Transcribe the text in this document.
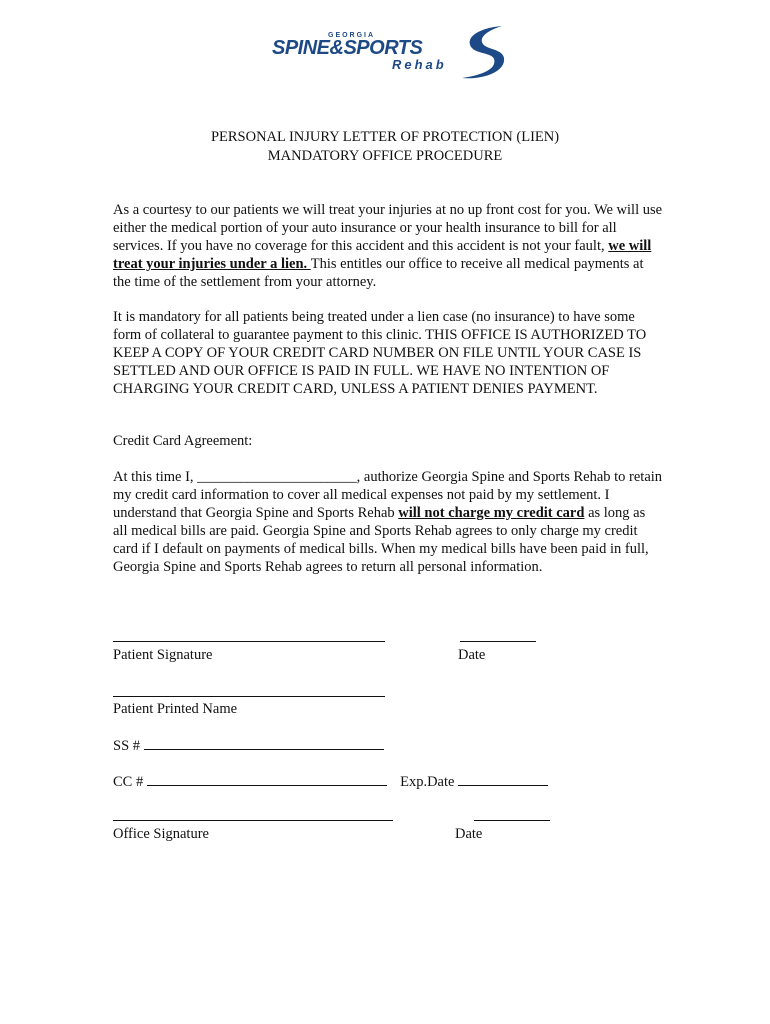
GEORGIA
SPINE&SPORTS
Rehab
PERSONAL INJURY LETTER OF PROTECTION (LIEN)
MANDATORY OFFICE PROCEDURE
As a courtesy to our patients we will treat your injuries at no up front cost for you. We will use either the medical portion of your auto insurance or your health insurance to bill for all services. If you have no coverage for this accident and this accident is not your fault, we will treat your injuries under a lien. This entitles our office to receive all medical payments at the time of the settlement from your attorney.
It is mandatory for all patients being treated under a lien case (no insurance) to have some form of collateral to guarantee payment to this clinic. THIS OFFICE IS AUTHORIZED TO KEEP A COPY OF YOUR CREDIT CARD NUMBER ON FILE UNTIL YOUR CASE IS SETTLED AND OUR OFFICE IS PAID IN FULL. WE HAVE NO INTENTION OF CHARGING YOUR CREDIT CARD, UNLESS A PATIENT DENIES PAYMENT.
Credit Card Agreement:
At this time I, ______________________, authorize Georgia Spine and Sports Rehab to retain my credit card information to cover all medical expenses not paid by my settlement. I understand that Georgia Spine and Sports Rehab will not charge my credit card as long as all medical bills are paid. Georgia Spine and Sports Rehab agrees to only charge my credit card if I default on payments of medical bills. When my medical bills have been paid in full, Georgia Spine and Sports Rehab agrees to return all personal information.
Patient Signature	Date
Patient Printed Name
SS #
CC #	Exp.Date
Office Signature	Date
